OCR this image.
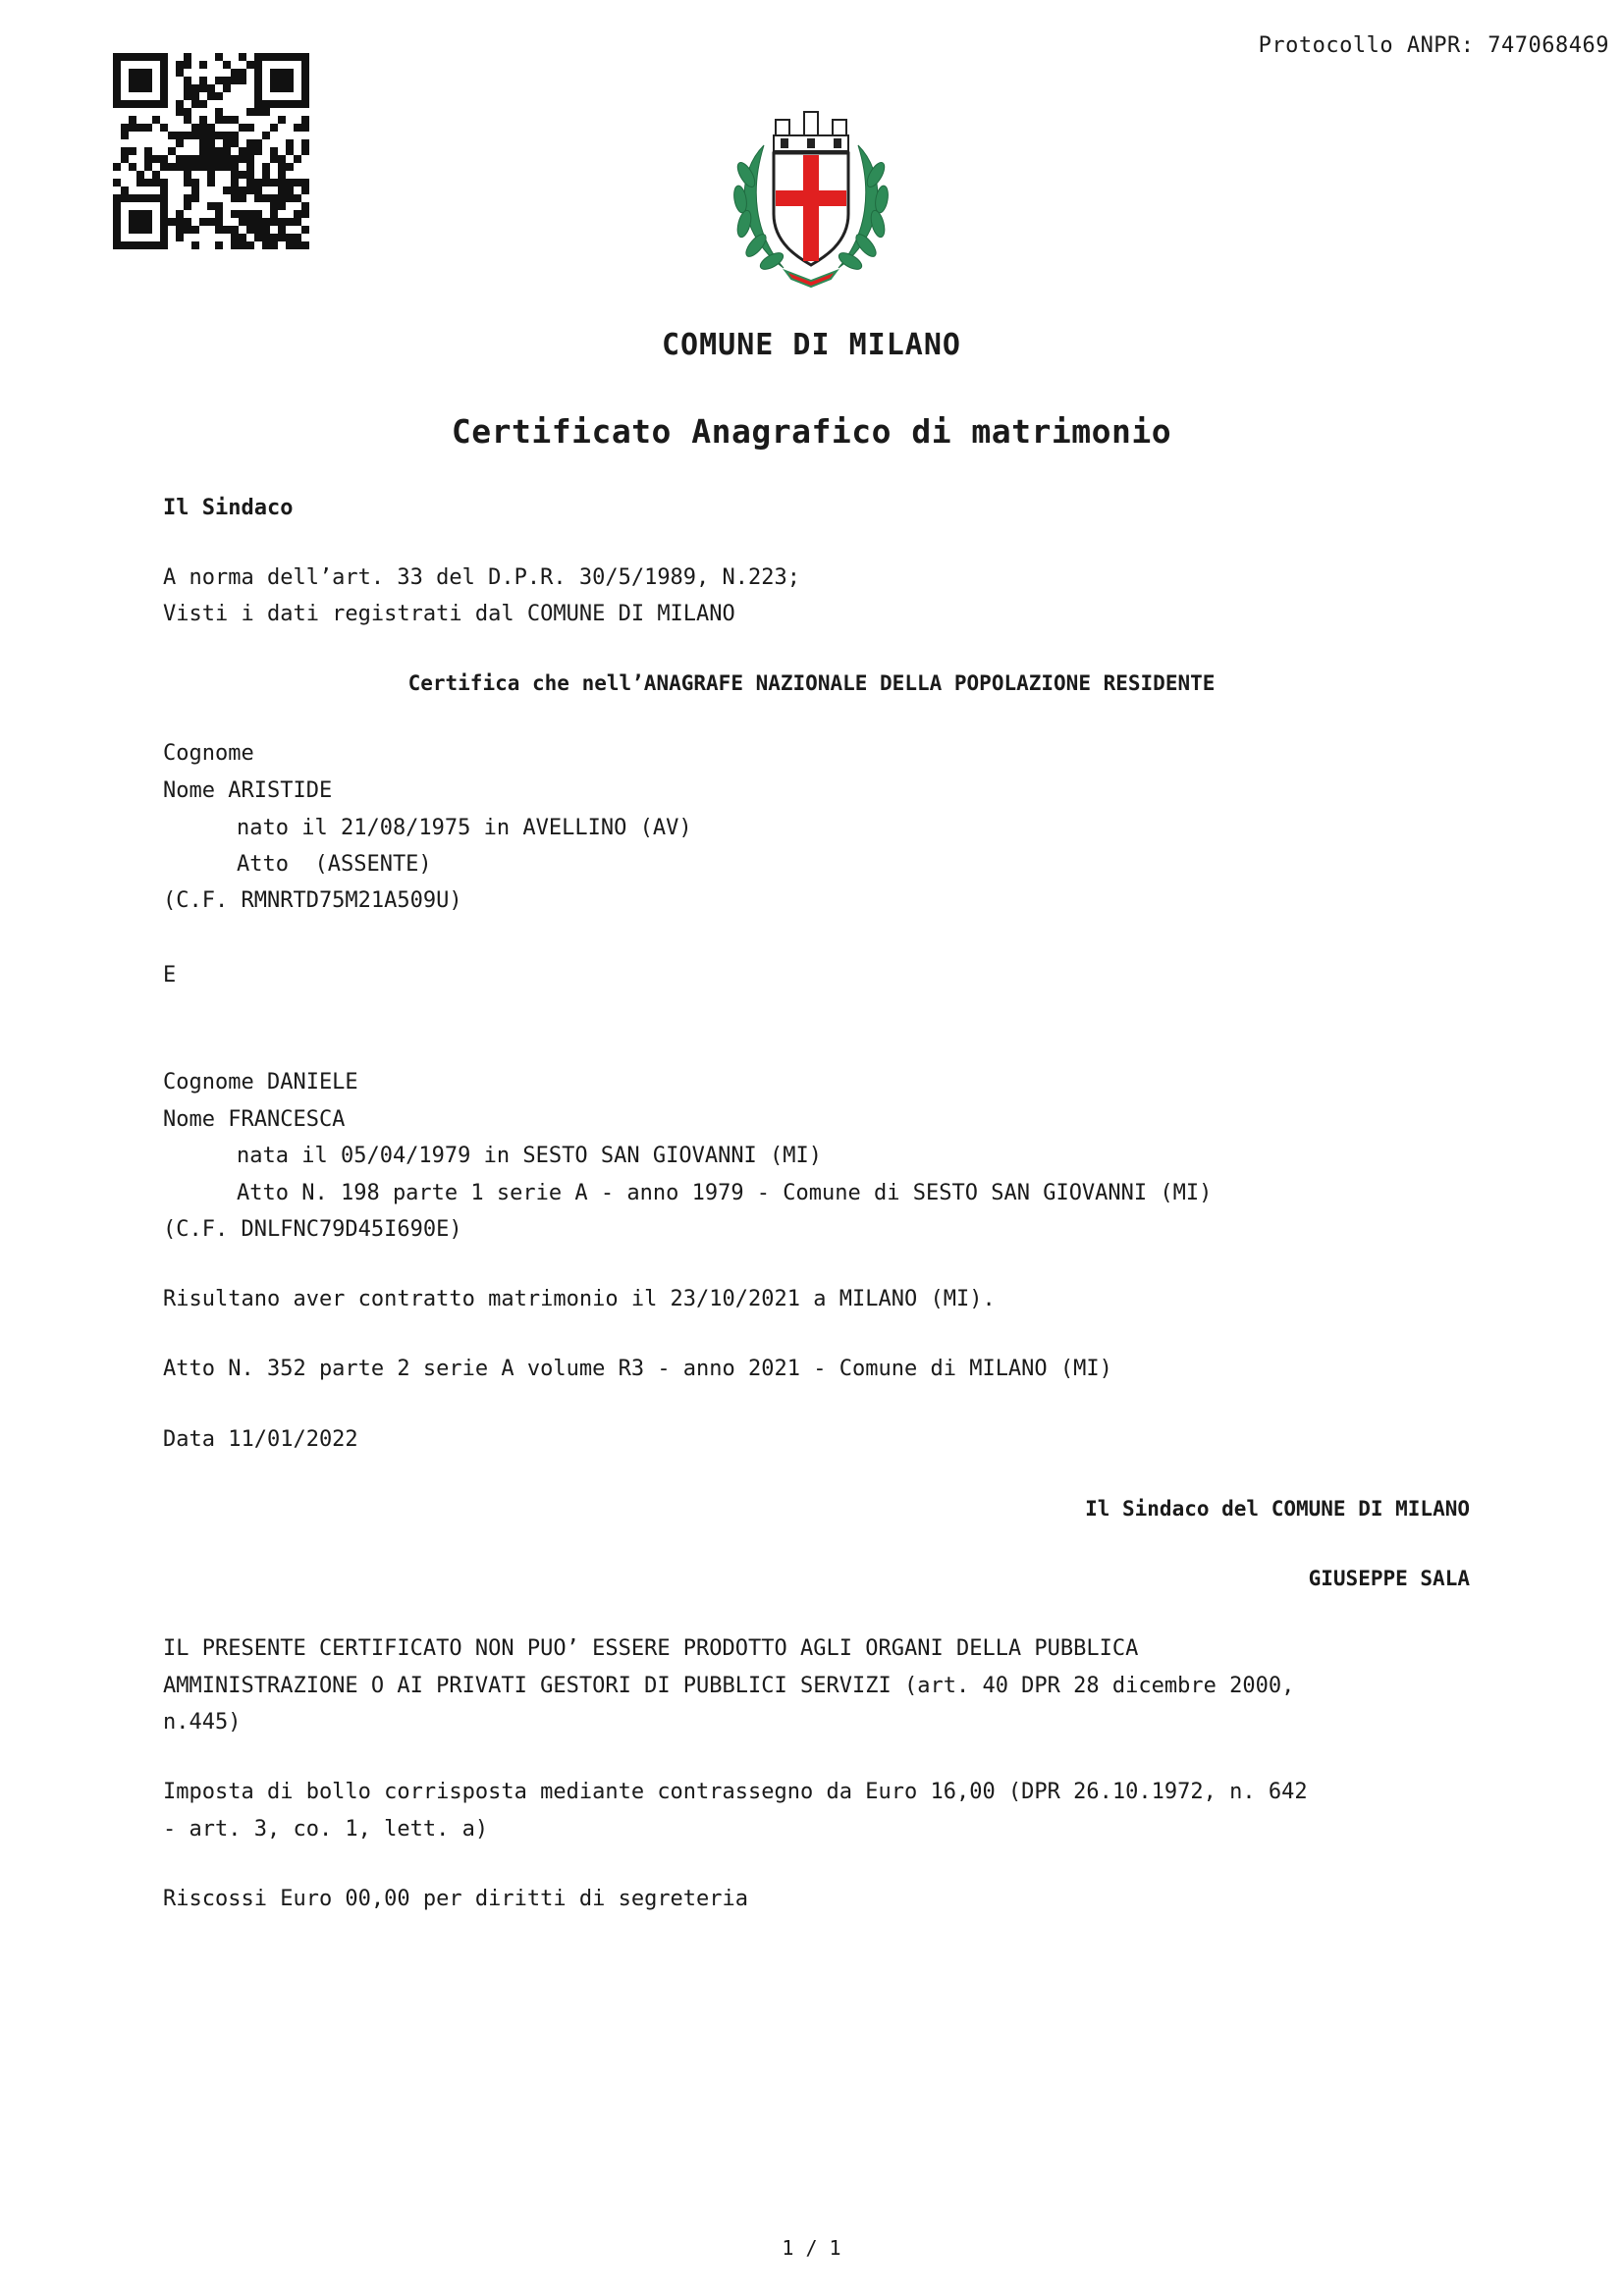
Protocollo ANPR: 747068469
COMUNE DI MILANO
Certificato Anagrafico di matrimonio
Il Sindaco
A norma dell’art. 33 del D.P.R. 30/5/1989, N.223;
Visti i dati registrati dal COMUNE DI MILANO
Certifica che nell’ANAGRAFE NAZIONALE DELLA POPOLAZIONE RESIDENTE
Cognome
Nome ARISTIDE
nato il 21/08/1975 in AVELLINO (AV)
Atto  (ASSENTE)
(C.F. RMNRTD75M21A509U)
E
Cognome DANIELE
Nome FRANCESCA
nata il 05/04/1979 in SESTO SAN GIOVANNI (MI)
Atto N. 198 parte 1 serie A - anno 1979 - Comune di SESTO SAN GIOVANNI (MI)
(C.F. DNLFNC79D45I690E)
Risultano aver contratto matrimonio il 23/10/2021 a MILANO (MI).
Atto N. 352 parte 2 serie A volume R3 - anno 2021 - Comune di MILANO (MI)
Data 11/01/2022
Il Sindaco del COMUNE DI MILANO
GIUSEPPE SALA
IL PRESENTE CERTIFICATO NON PUO’ ESSERE PRODOTTO AGLI ORGANI DELLA PUBBLICA
AMMINISTRAZIONE O AI PRIVATI GESTORI DI PUBBLICI SERVIZI (art. 40 DPR 28 dicembre 2000,
n.445)
Imposta di bollo corrisposta mediante contrassegno da Euro 16,00 (DPR 26.10.1972, n. 642
- art. 3, co. 1, lett. a)
Riscossi Euro 00,00 per diritti di segreteria
1 / 1
